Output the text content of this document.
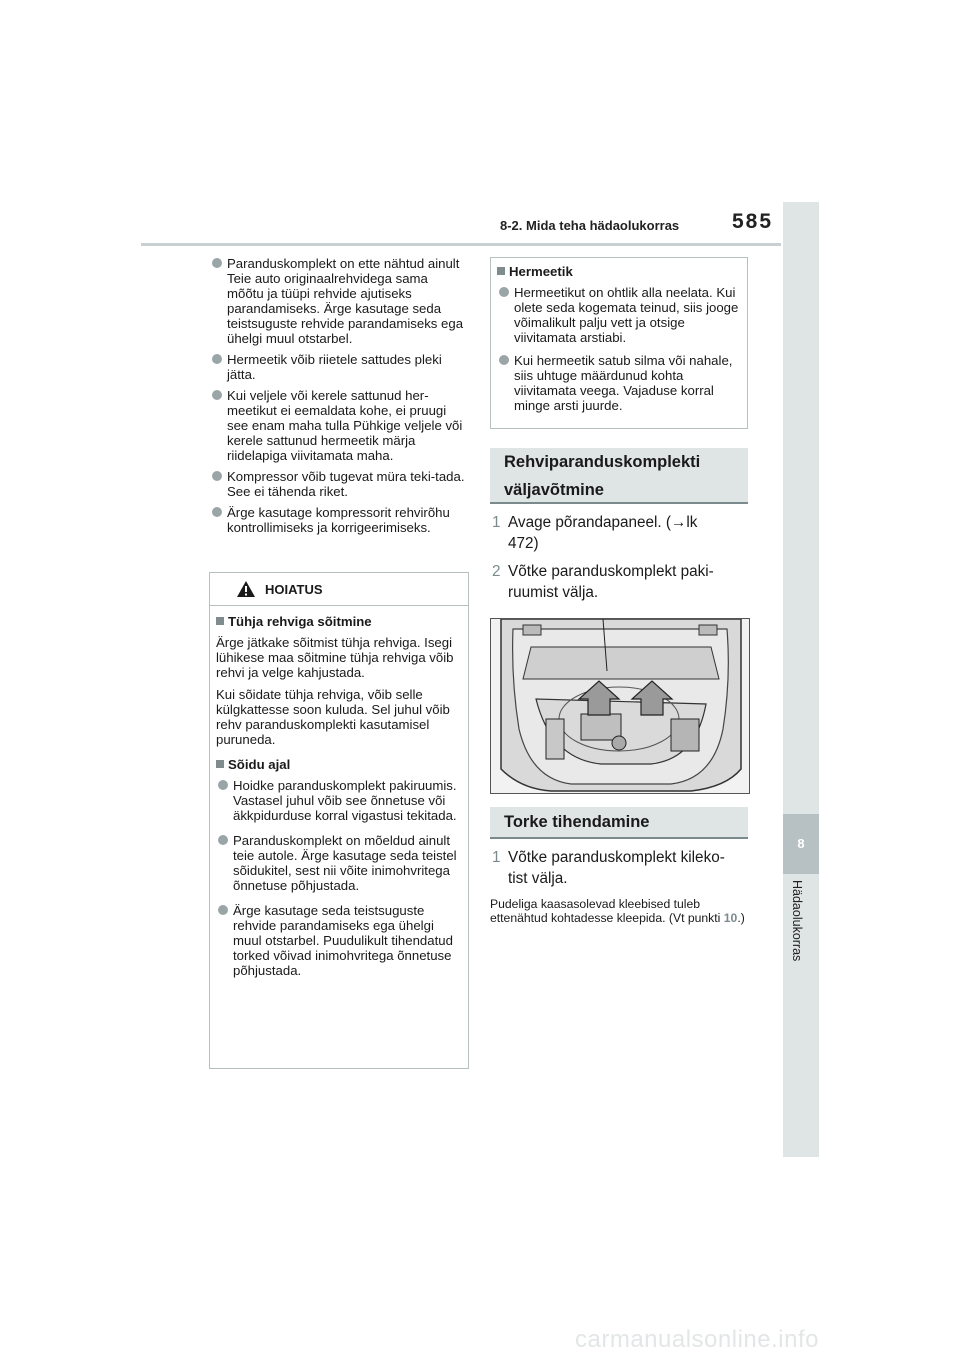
8-2. Mida teha hädaolukorras	585
8
Hädaolukorras
Paranduskomplekt on ette nähtud ainult Teie auto originaalrehvidega sama mõõtu ja tüüpi rehvide ajutiseks parandamiseks. Ärge kasutage seda teistsuguste rehvide parandamiseks ega ühelgi muul otstarbel.
Hermeetik võib riietele sattudes pleki jätta.
Kui veljele või kerele sattunud her-meetikut ei eemaldata kohe, ei pruugi see enam maha tulla Pühkige veljele või kerele sattunud hermeetik märja riidelapiga viivitamata maha.
Kompressor võib tugevat müra teki-tada. See ei tähenda riket.
Ärge kasutage kompressorit rehvirõhu kontrollimiseks ja korrigeerimiseks.
HOIATUS
Tühja rehviga sõitmine
Ärge jätkake sõitmist tühja rehviga. Isegi lühikese maa sõitmine tühja rehviga võib rehvi ja velge kahjustada.
Kui sõidate tühja rehviga, võib selle külgkattesse soon kuluda. Sel juhul võib rehv paranduskomplekti kasutamisel puruneda.
Sõidu ajal
Hoidke paranduskomplekt pakiruumis. Vastasel juhul võib see õnnetuse või äkkpidurduse korral vigastusi tekitada.
Paranduskomplekt on mõeldud ainult teie autole. Ärge kasutage seda teistel sõidukitel, sest nii võite inimohvritega õnnetuse põhjustada.
Ärge kasutage seda teistsuguste rehvide parandamiseks ega ühelgi muul otstarbel. Puudulikult tihendatud torked võivad inimohvritega õnnetuse põhjustada.
Hermeetik
Hermeetikut on ohtlik alla neelata. Kui olete seda kogemata teinud, siis jooge võimalikult palju vett ja otsige viivitamata arstiabi.
Kui hermeetik satub silma või nahale, siis uhtuge määrdunud kohta viivitamata veega. Vajaduse korral minge arsti juurde.
Rehviparanduskomplekti
väljavõtmine
1 Avage põrandapaneel. (→lk
472)
2 Võtke paranduskomplekt paki-
ruumist välja.
Torke tihendamine
1 Võtke paranduskomplekt kileko-
tist välja.
Pudeliga kaasasolevad kleebised tuleb ettenähtud kohtadesse kleepida. (Vt punkti 10.)
carmanualsonline.info
